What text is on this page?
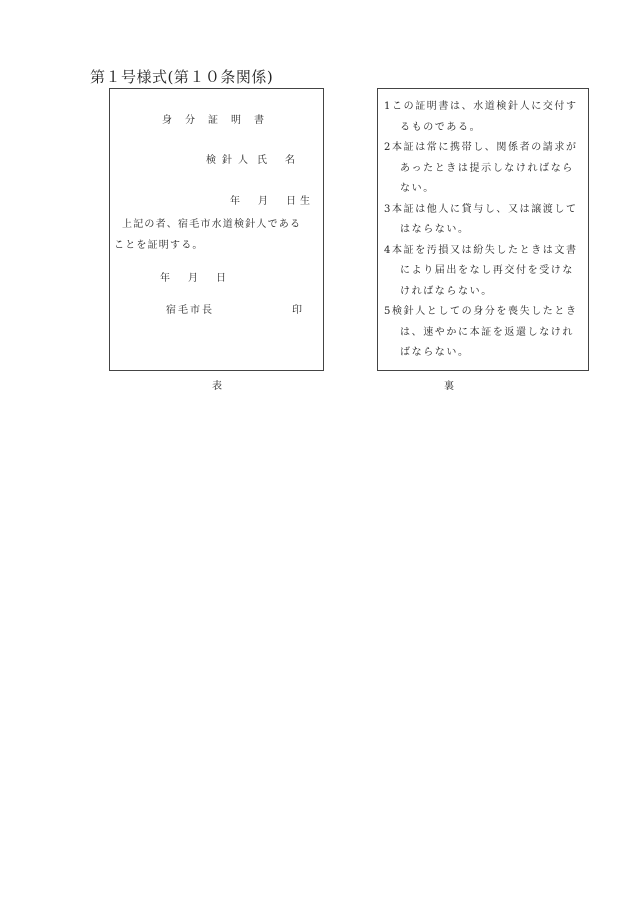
第１号様式(第１０条関係)
身分証明書
検針人 氏　名
年　月　日生
上記の者、宿毛市水道検針人である
ことを証明する。
年　月　日
宿毛市長	印
1 この証明書は、水道検針人に交付するものである。
2 本証は常に携帯し、関係者の請求があったときは提示しなければならない。
3 本証は他人に貸与し、又は譲渡してはならない。
4 本証を汚損又は紛失したときは文書により届出をなし再交付を受けなければならない。
5 検針人としての身分を喪失したときは、速やかに本証を返還しなければならない。
表	裏
